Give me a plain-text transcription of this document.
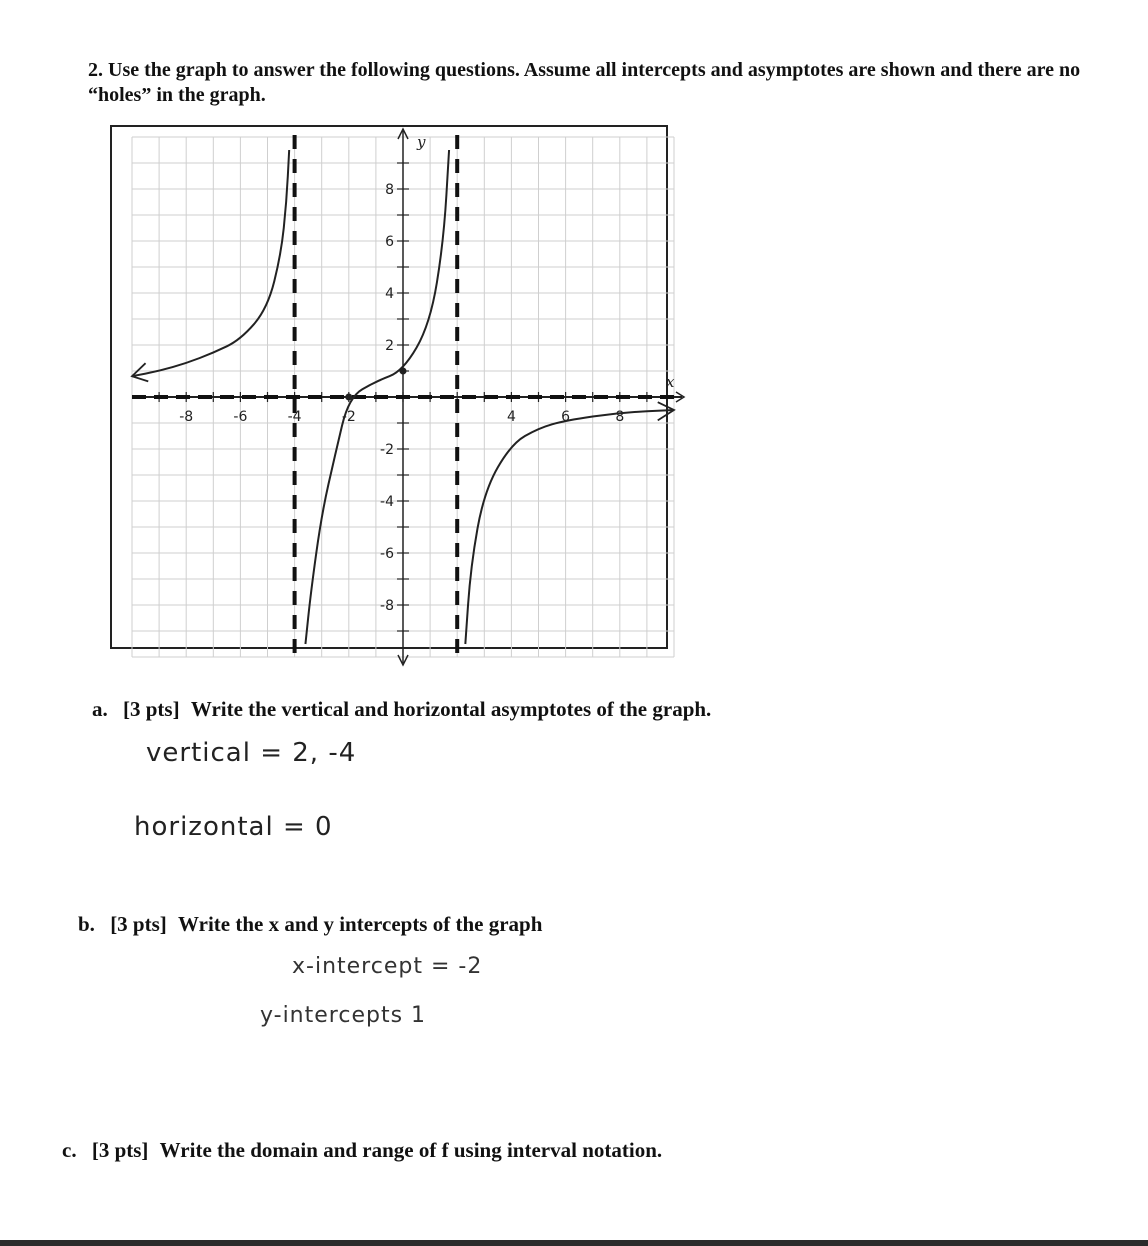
2. Use the graph to answer the following questions. Assume all intercepts and asymptotes are shown and there are no “holes” in the graph.
-8	-6	-4	-2	4	6	8
8
6
4
2
-2
-4
-6
-8
x
y
a. [3 pts] Write the vertical and horizontal asymptotes of the graph.
vertical = 2, -4
horizontal = 0
b. [3 pts] Write the x and y intercepts of the graph
x-intercept = -2
y-intercepts 1
c. [3 pts] Write the domain and range of f using interval notation.
